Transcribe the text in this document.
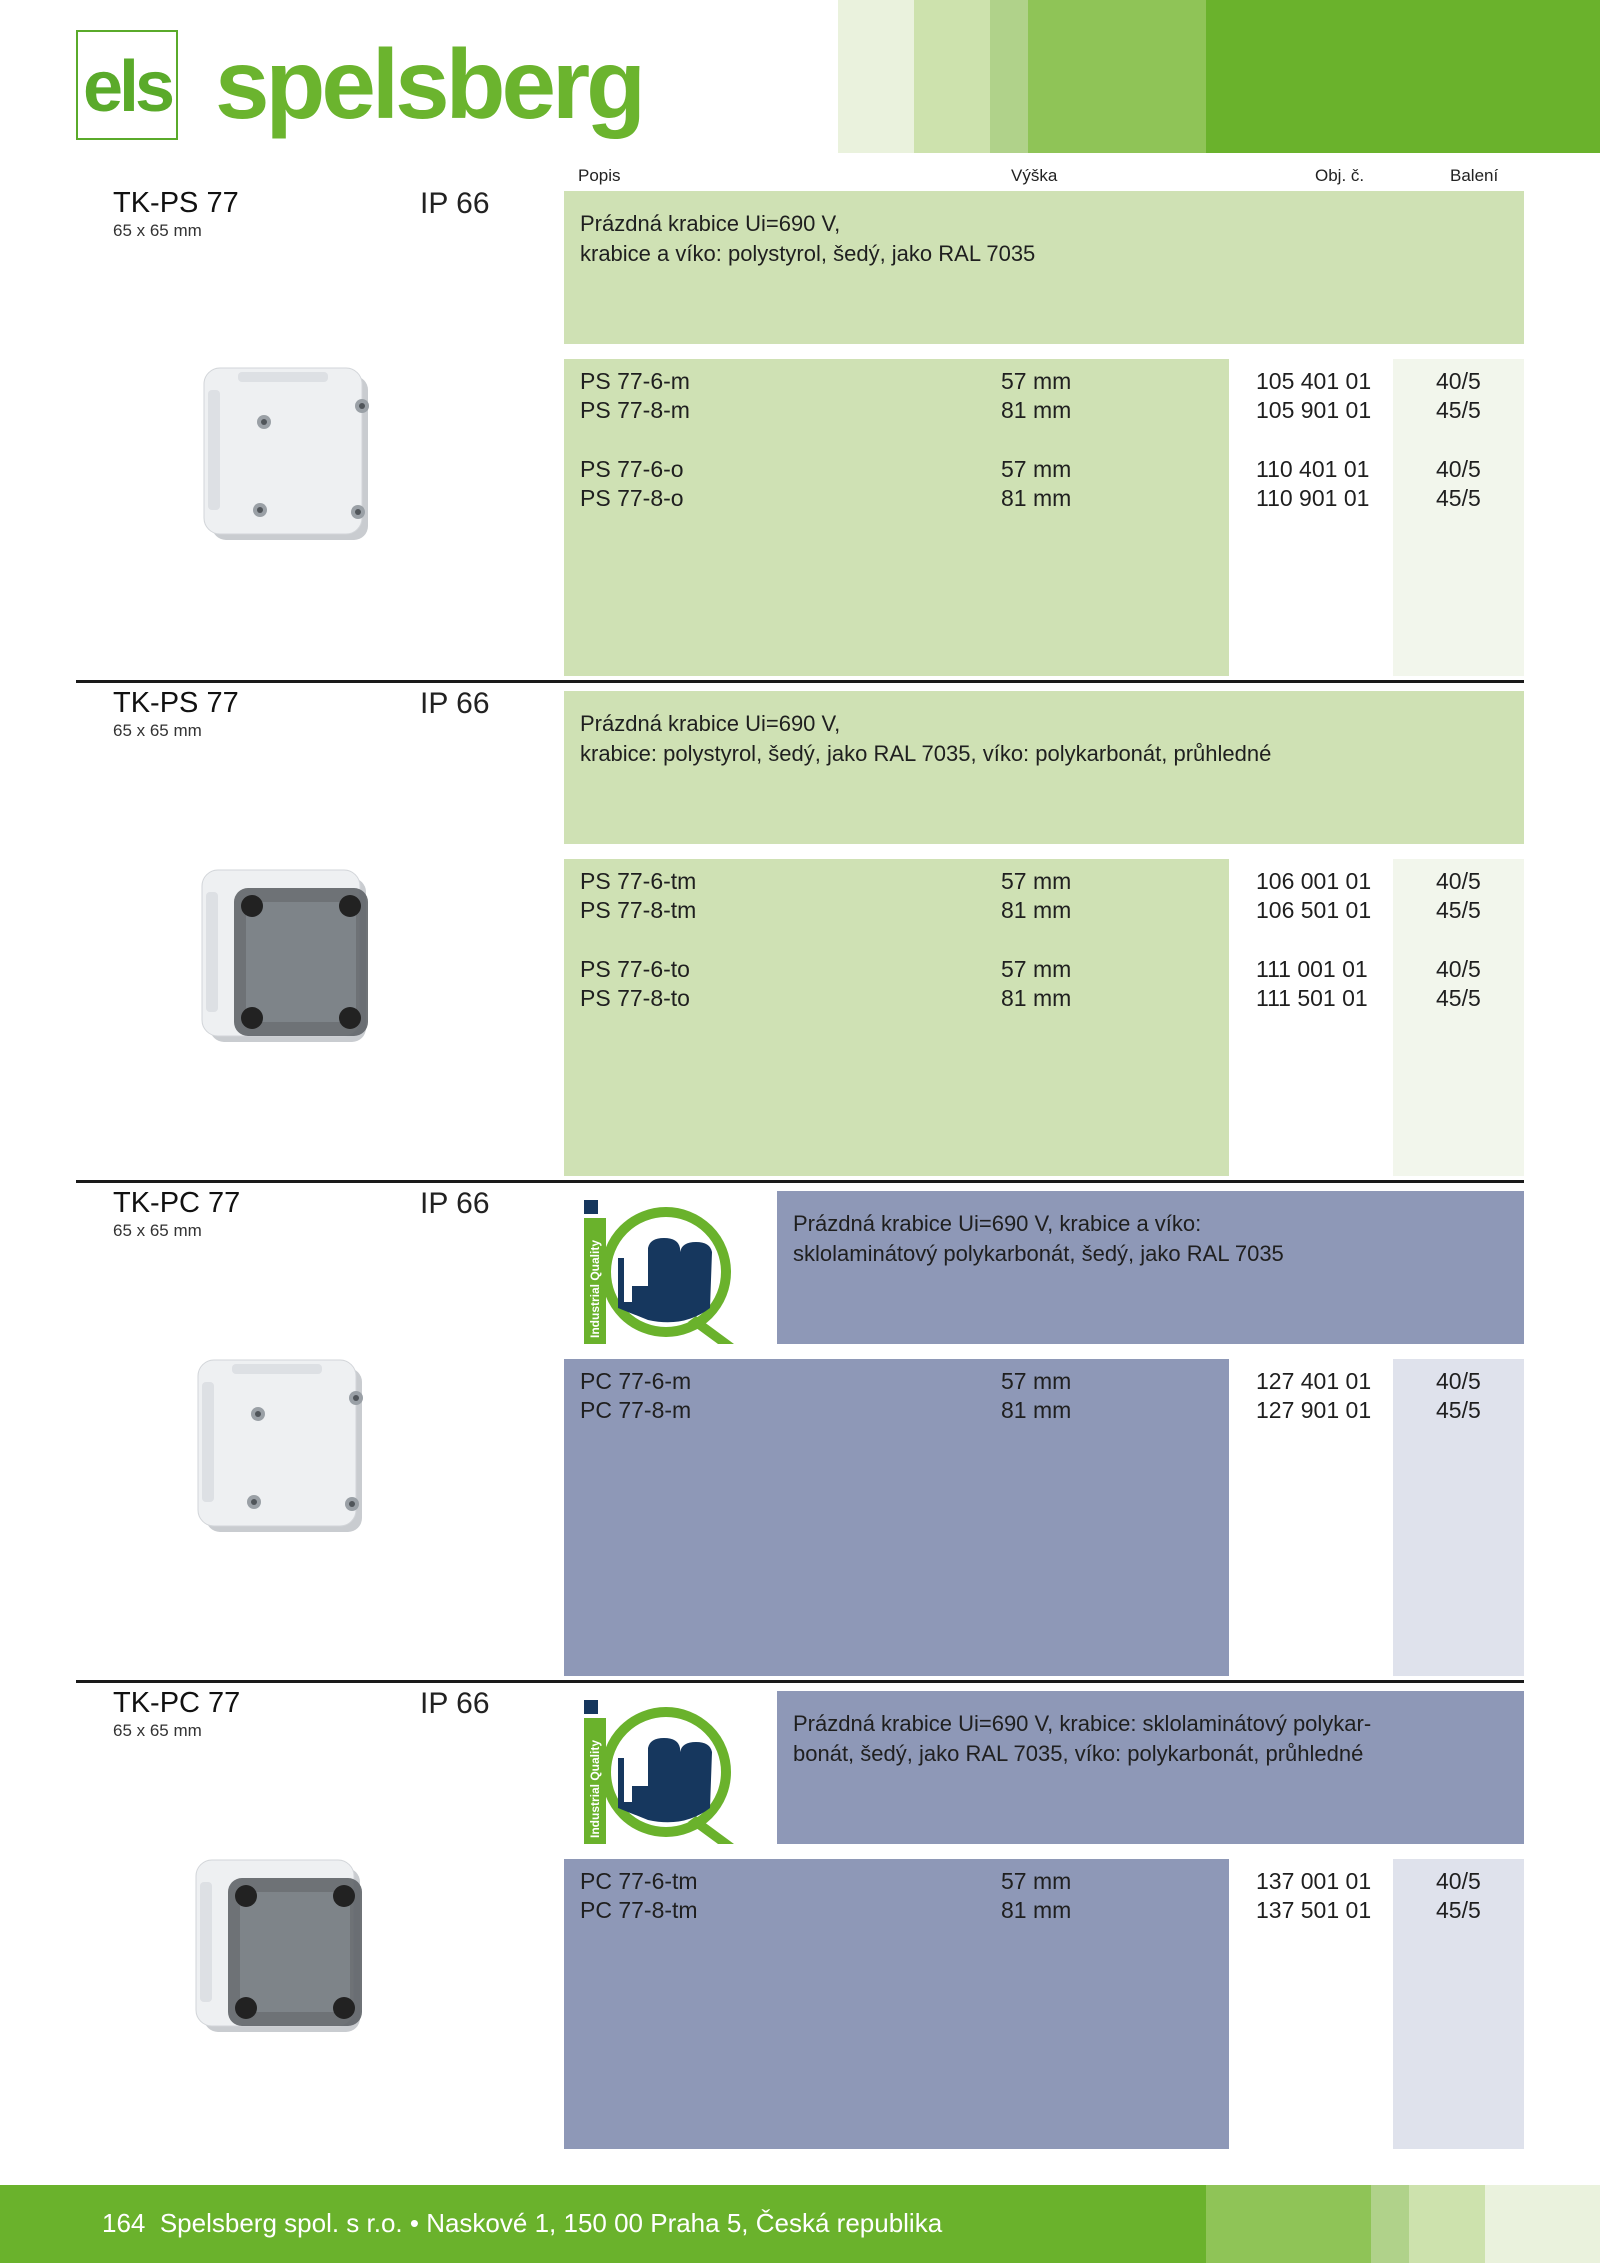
els spelsberg
Popis	Výška	Obj. č.	Balení
TK-PS 77
65 x 65 mm
IP 66
Prázdná krabice Ui=690 V,
krabice a víko: polystyrol, šedý, jako RAL 7035
PS 77-6-m	57 mm	105 401 01	40/5
PS 77-8-m	81 mm	105 901 01	45/5
PS 77-6-o	57 mm	110 401 01	40/5
PS 77-8-o	81 mm	110 901 01	45/5
TK-PS 77
65 x 65 mm
IP 66
Prázdná krabice Ui=690 V,
krabice: polystyrol, šedý, jako RAL 7035, víko: polykarbonát, průhledné
PS 77-6-tm	57 mm	106 001 01	40/5
PS 77-8-tm	81 mm	106 501 01	45/5
PS 77-6-to	57 mm	111 001 01	40/5
PS 77-8-to	81 mm	111 501 01	45/5
TK-PC 77
65 x 65 mm
IP 66
Industrial Quality
Prázdná krabice Ui=690 V, krabice a víko:
sklolaminátový polykarbonát, šedý, jako RAL 7035
PC 77-6-m	57 mm	127 401 01	40/5
PC 77-8-m	81 mm	127 901 01	45/5
TK-PC 77
65 x 65 mm
IP 66
Industrial Quality
Prázdná krabice Ui=690 V, krabice: sklolaminátový polykar-
bonát, šedý, jako RAL 7035, víko: polykarbonát, průhledné
PC 77-6-tm	57 mm	137 001 01	40/5
PC 77-8-tm	81 mm	137 501 01	45/5
164 Spelsberg spol. s r.o. • Naskové 1, 150 00 Praha 5, Česká republika
